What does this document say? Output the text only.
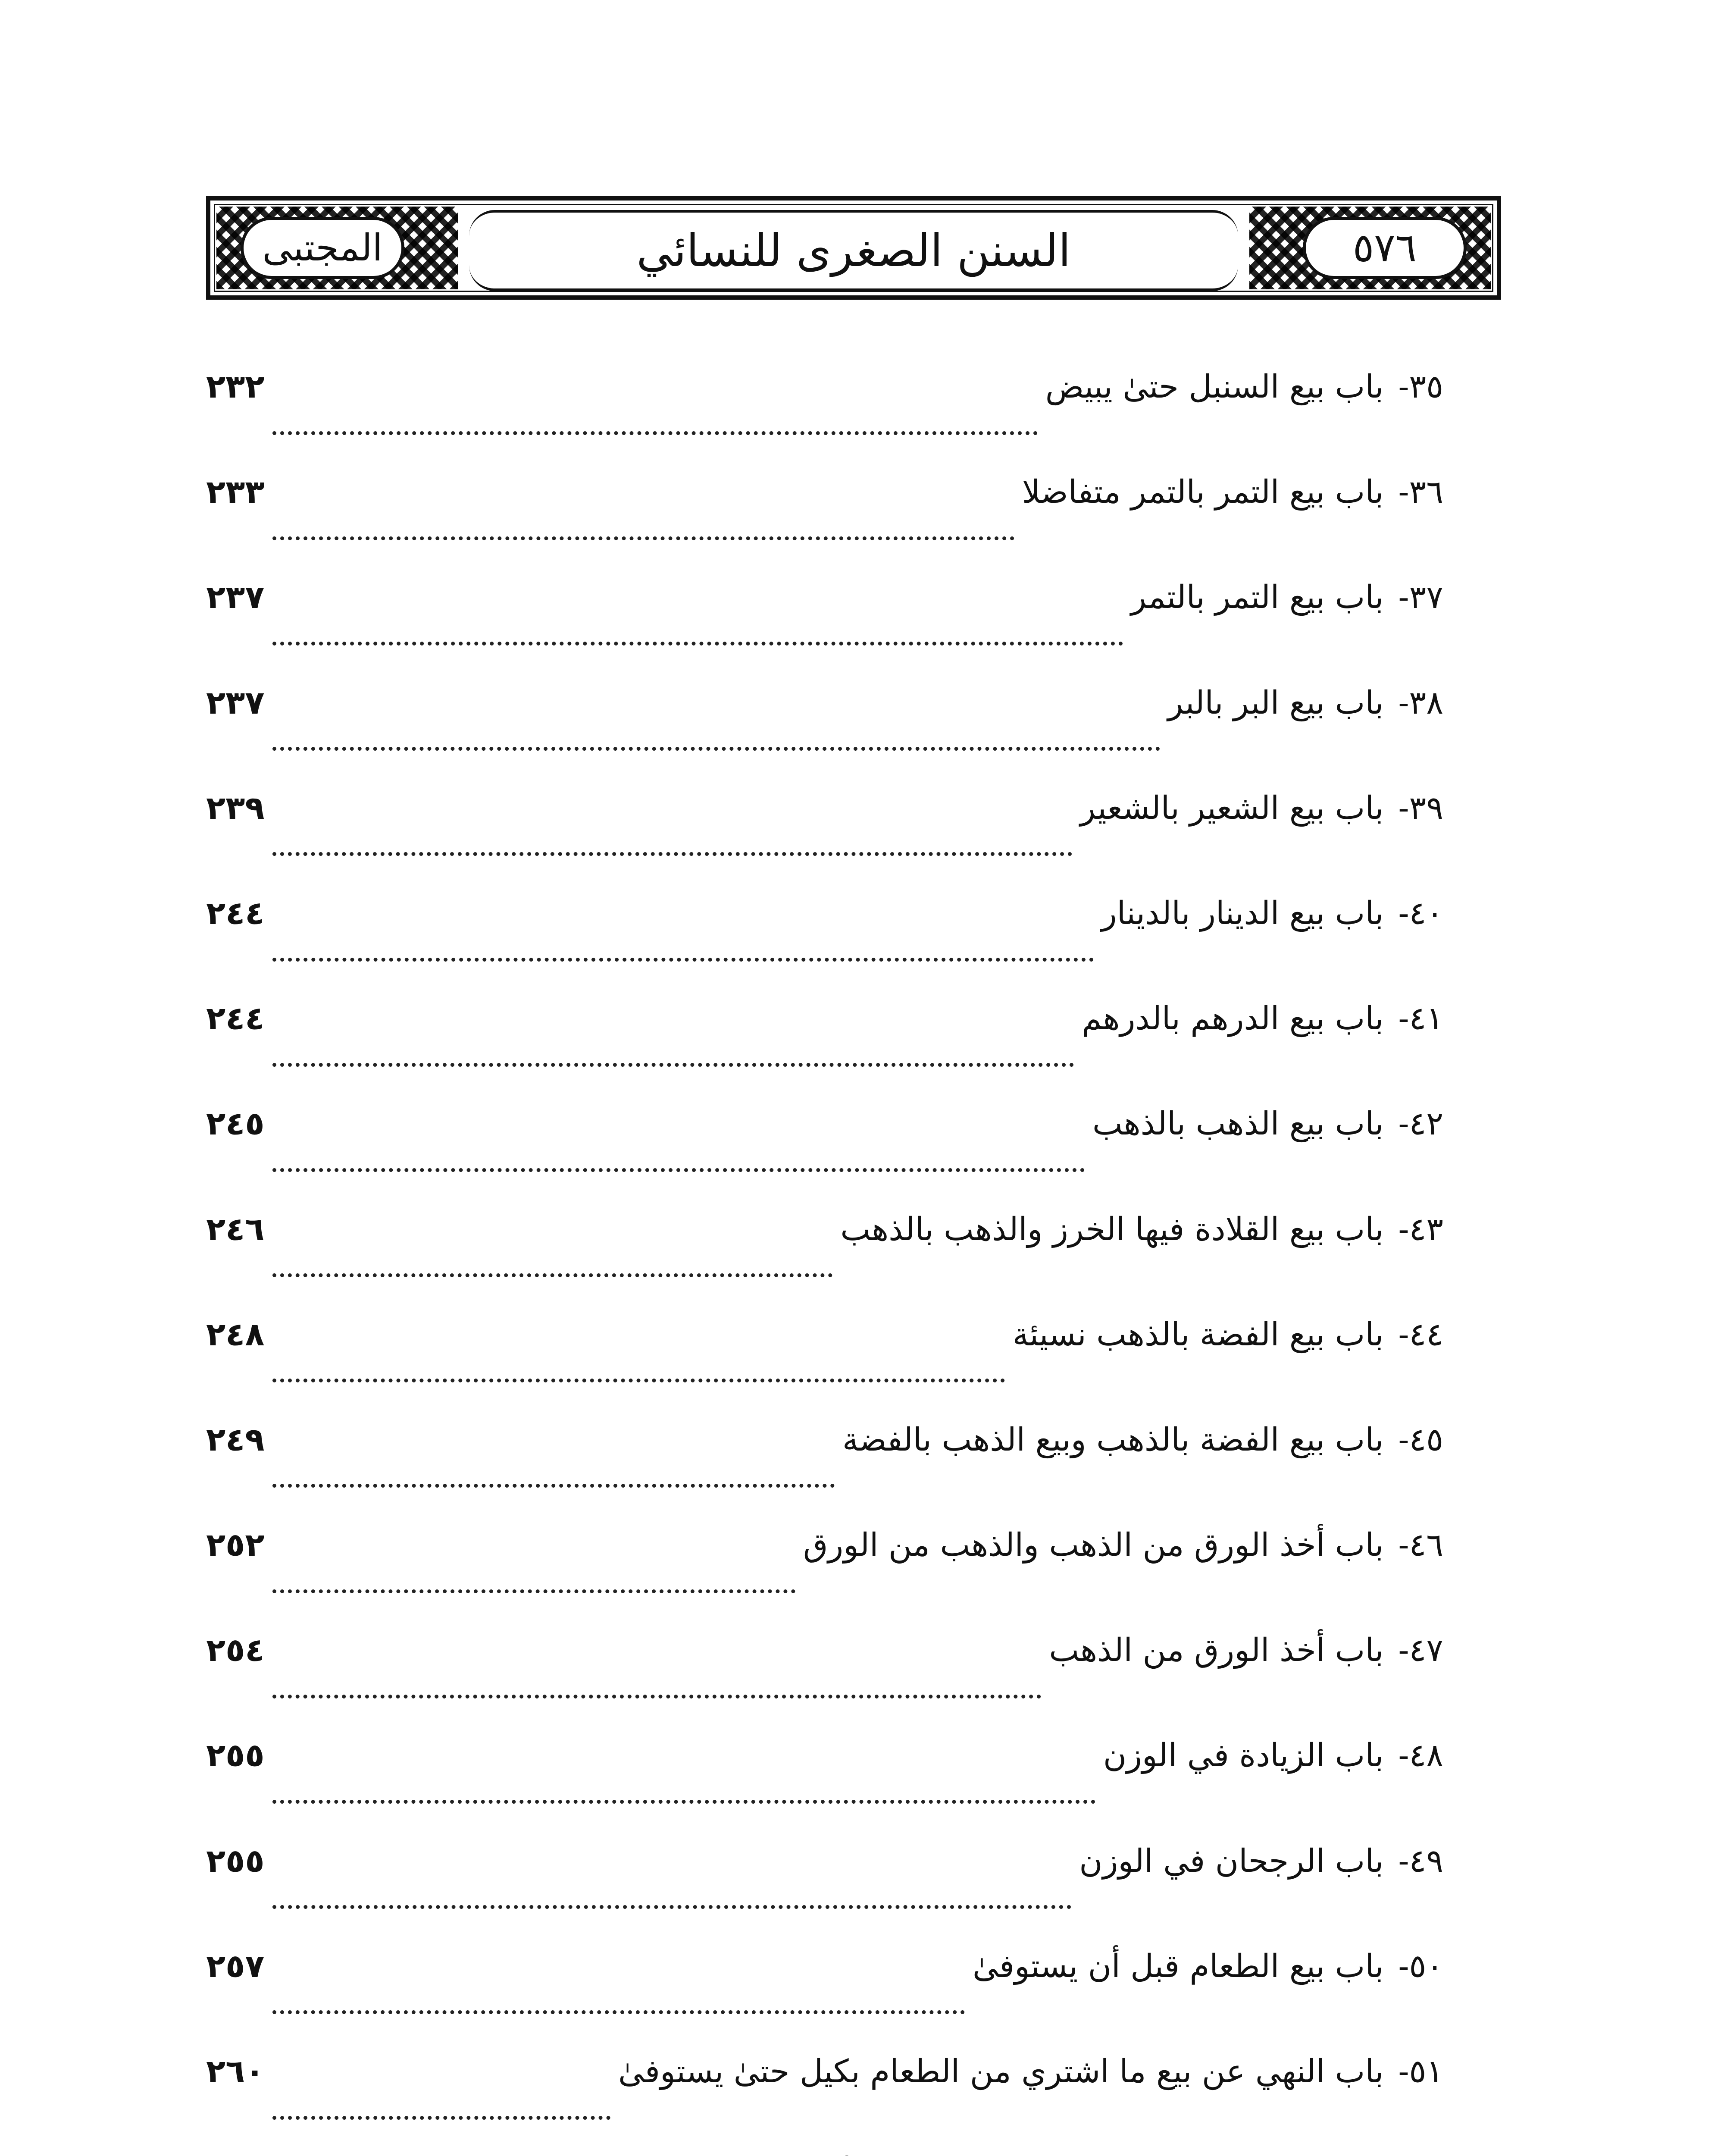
٥٧٦
السنن الصغرى للنسائي
المجتبى
٣٥
-
باب بيع السنبل حتىٰ يبيض
٢٣٢
٣٦
-
باب بيع التمر بالتمر متفاضلا
٢٣٣
٣٧
-
باب بيع التمر بالتمر
٢٣٧
٣٨
-
باب بيع البر بالبر
٢٣٧
٣٩
-
باب بيع الشعير بالشعير
٢٣٩
٤٠
-
باب بيع الدينار بالدينار
٢٤٤
٤١
-
باب بيع الدرهم بالدرهم
٢٤٤
٤٢
-
باب بيع الذهب بالذهب
٢٤٥
٤٣
-
باب بيع القلادة فيها الخرز والذهب بالذهب
٢٤٦
٤٤
-
باب بيع الفضة بالذهب نسيئة
٢٤٨
٤٥
-
باب بيع الفضة بالذهب وبيع الذهب بالفضة
٢٤٩
٤٦
-
باب أخذ الورق من الذهب والذهب من الورق
٢٥٢
٤٧
-
باب أخذ الورق من الذهب
٢٥٤
٤٨
-
باب الزيادة في الوزن
٢٥٥
٤٩
-
باب الرجحان في الوزن
٢٥٥
٥٠
-
باب بيع الطعام قبل أن يستوفىٰ
٢٥٧
٥١
-
باب النهي عن بيع ما اشتري من الطعام بكيل حتىٰ يستوفىٰ
٢٦٠
